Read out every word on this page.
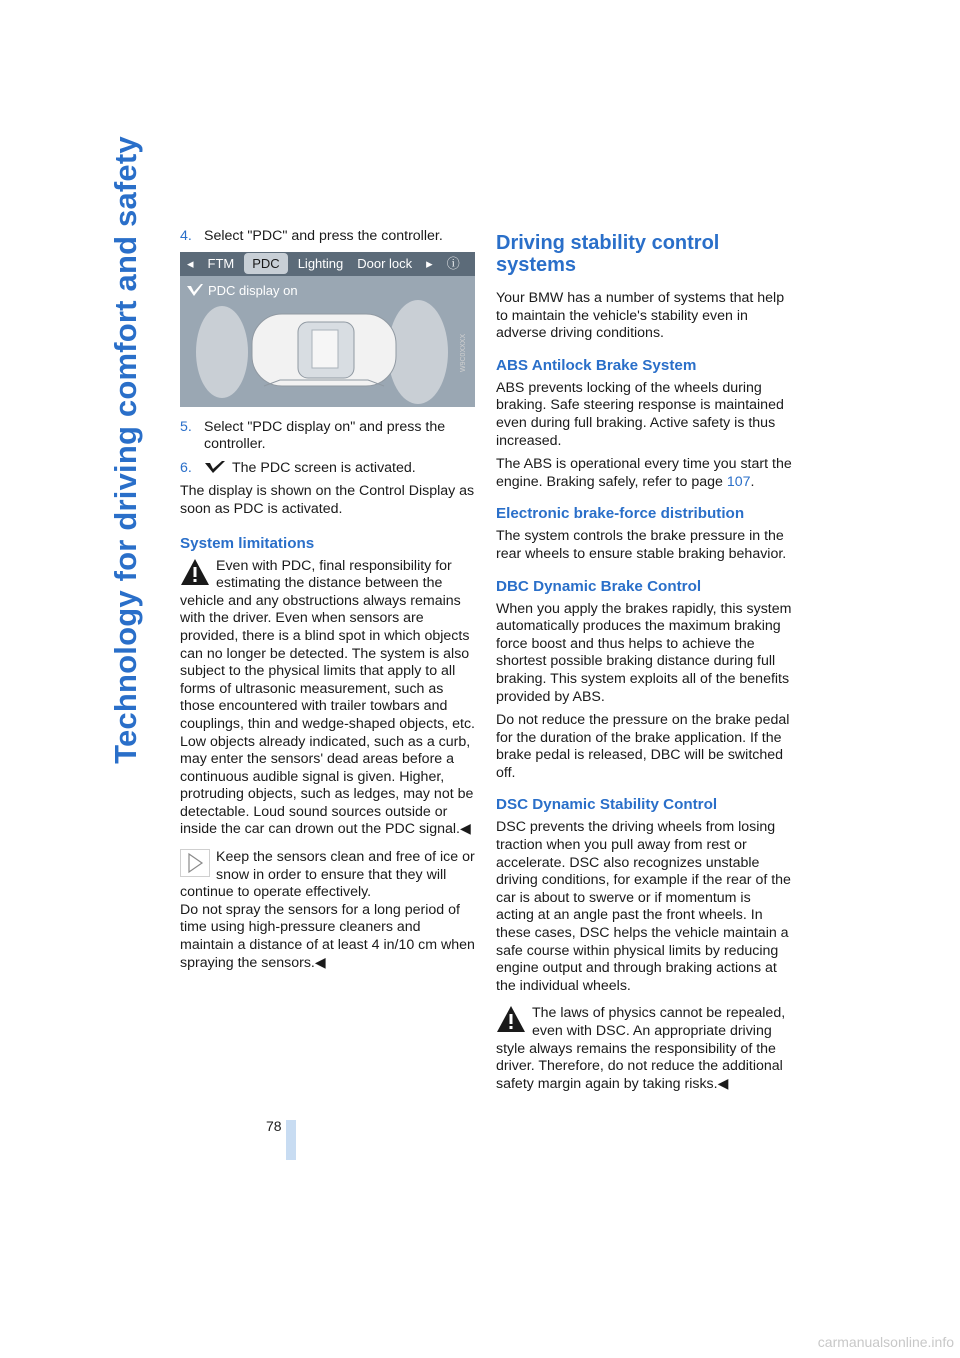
Technology for driving comfort and safety	4. Select "PDC" and press the controller.
W9C0XXXX
◂	FTM	PDC	Lighting	Door lock	▸	ⓘ
PDC display on
5. Select "PDC display on" and press the controller.
6.	The PDC screen is activated.

The display is shown on the Control Display as soon as PDC is activated.

System limitations

Even with PDC, final responsibility for estimating the distance between the vehicle and any obstructions always remains with the driver. Even when sensors are provided, there is a blind spot in which objects can no longer be detected. The system is also subject to the physical limits that apply to all forms of ultrasonic measurement, such as those encountered with trailer towbars and couplings, thin and wedge-shaped objects, etc. Low objects already indicated, such as a curb, may enter the sensors' dead areas before a continuous audible signal is given. Higher, protruding objects, such as ledges, may not be detectable. Loud sound sources outside or inside the car can drown out the PDC signal.◀

Keep the sensors clean and free of ice or snow in order to ensure that they will continue to operate effectively.

Do not spray the sensors for a long period of time using high-pressure cleaners and maintain a distance of at least 4 in/10 cm when spraying the sensors.◀

Driving stability control systems

Your BMW has a number of systems that help to maintain the vehicle's stability even in adverse driving conditions.

ABS Antilock Brake System

ABS prevents locking of the wheels during braking. Safe steering response is maintained even during full braking. Active safety is thus increased.

The ABS is operational every time you start the engine. Braking safely, refer to page 107.

Electronic brake-force distribution

The system controls the brake pressure in the rear wheels to ensure stable braking behavior.

DBC Dynamic Brake Control

When you apply the brakes rapidly, this system automatically produces the maximum braking force boost and thus helps to achieve the shortest possible braking distance during full braking. This system exploits all of the benefits provided by ABS.

Do not reduce the pressure on the brake pedal for the duration of the brake application. If the brake pedal is released, DBC will be switched off.

DSC Dynamic Stability Control

DSC prevents the driving wheels from losing traction when you pull away from rest or accelerate. DSC also recognizes unstable driving conditions, for example if the rear of the car is about to swerve or if momentum is acting at an angle past the front wheels. In these cases, DSC helps the vehicle maintain a safe course within physical limits by reducing engine output and through braking actions at the individual wheels.

The laws of physics cannot be repealed, even with DSC. An appropriate driving style always remains the responsibility of the driver. Therefore, do not reduce the additional safety margin again by taking risks.◀

78
carmanualsonline.info
